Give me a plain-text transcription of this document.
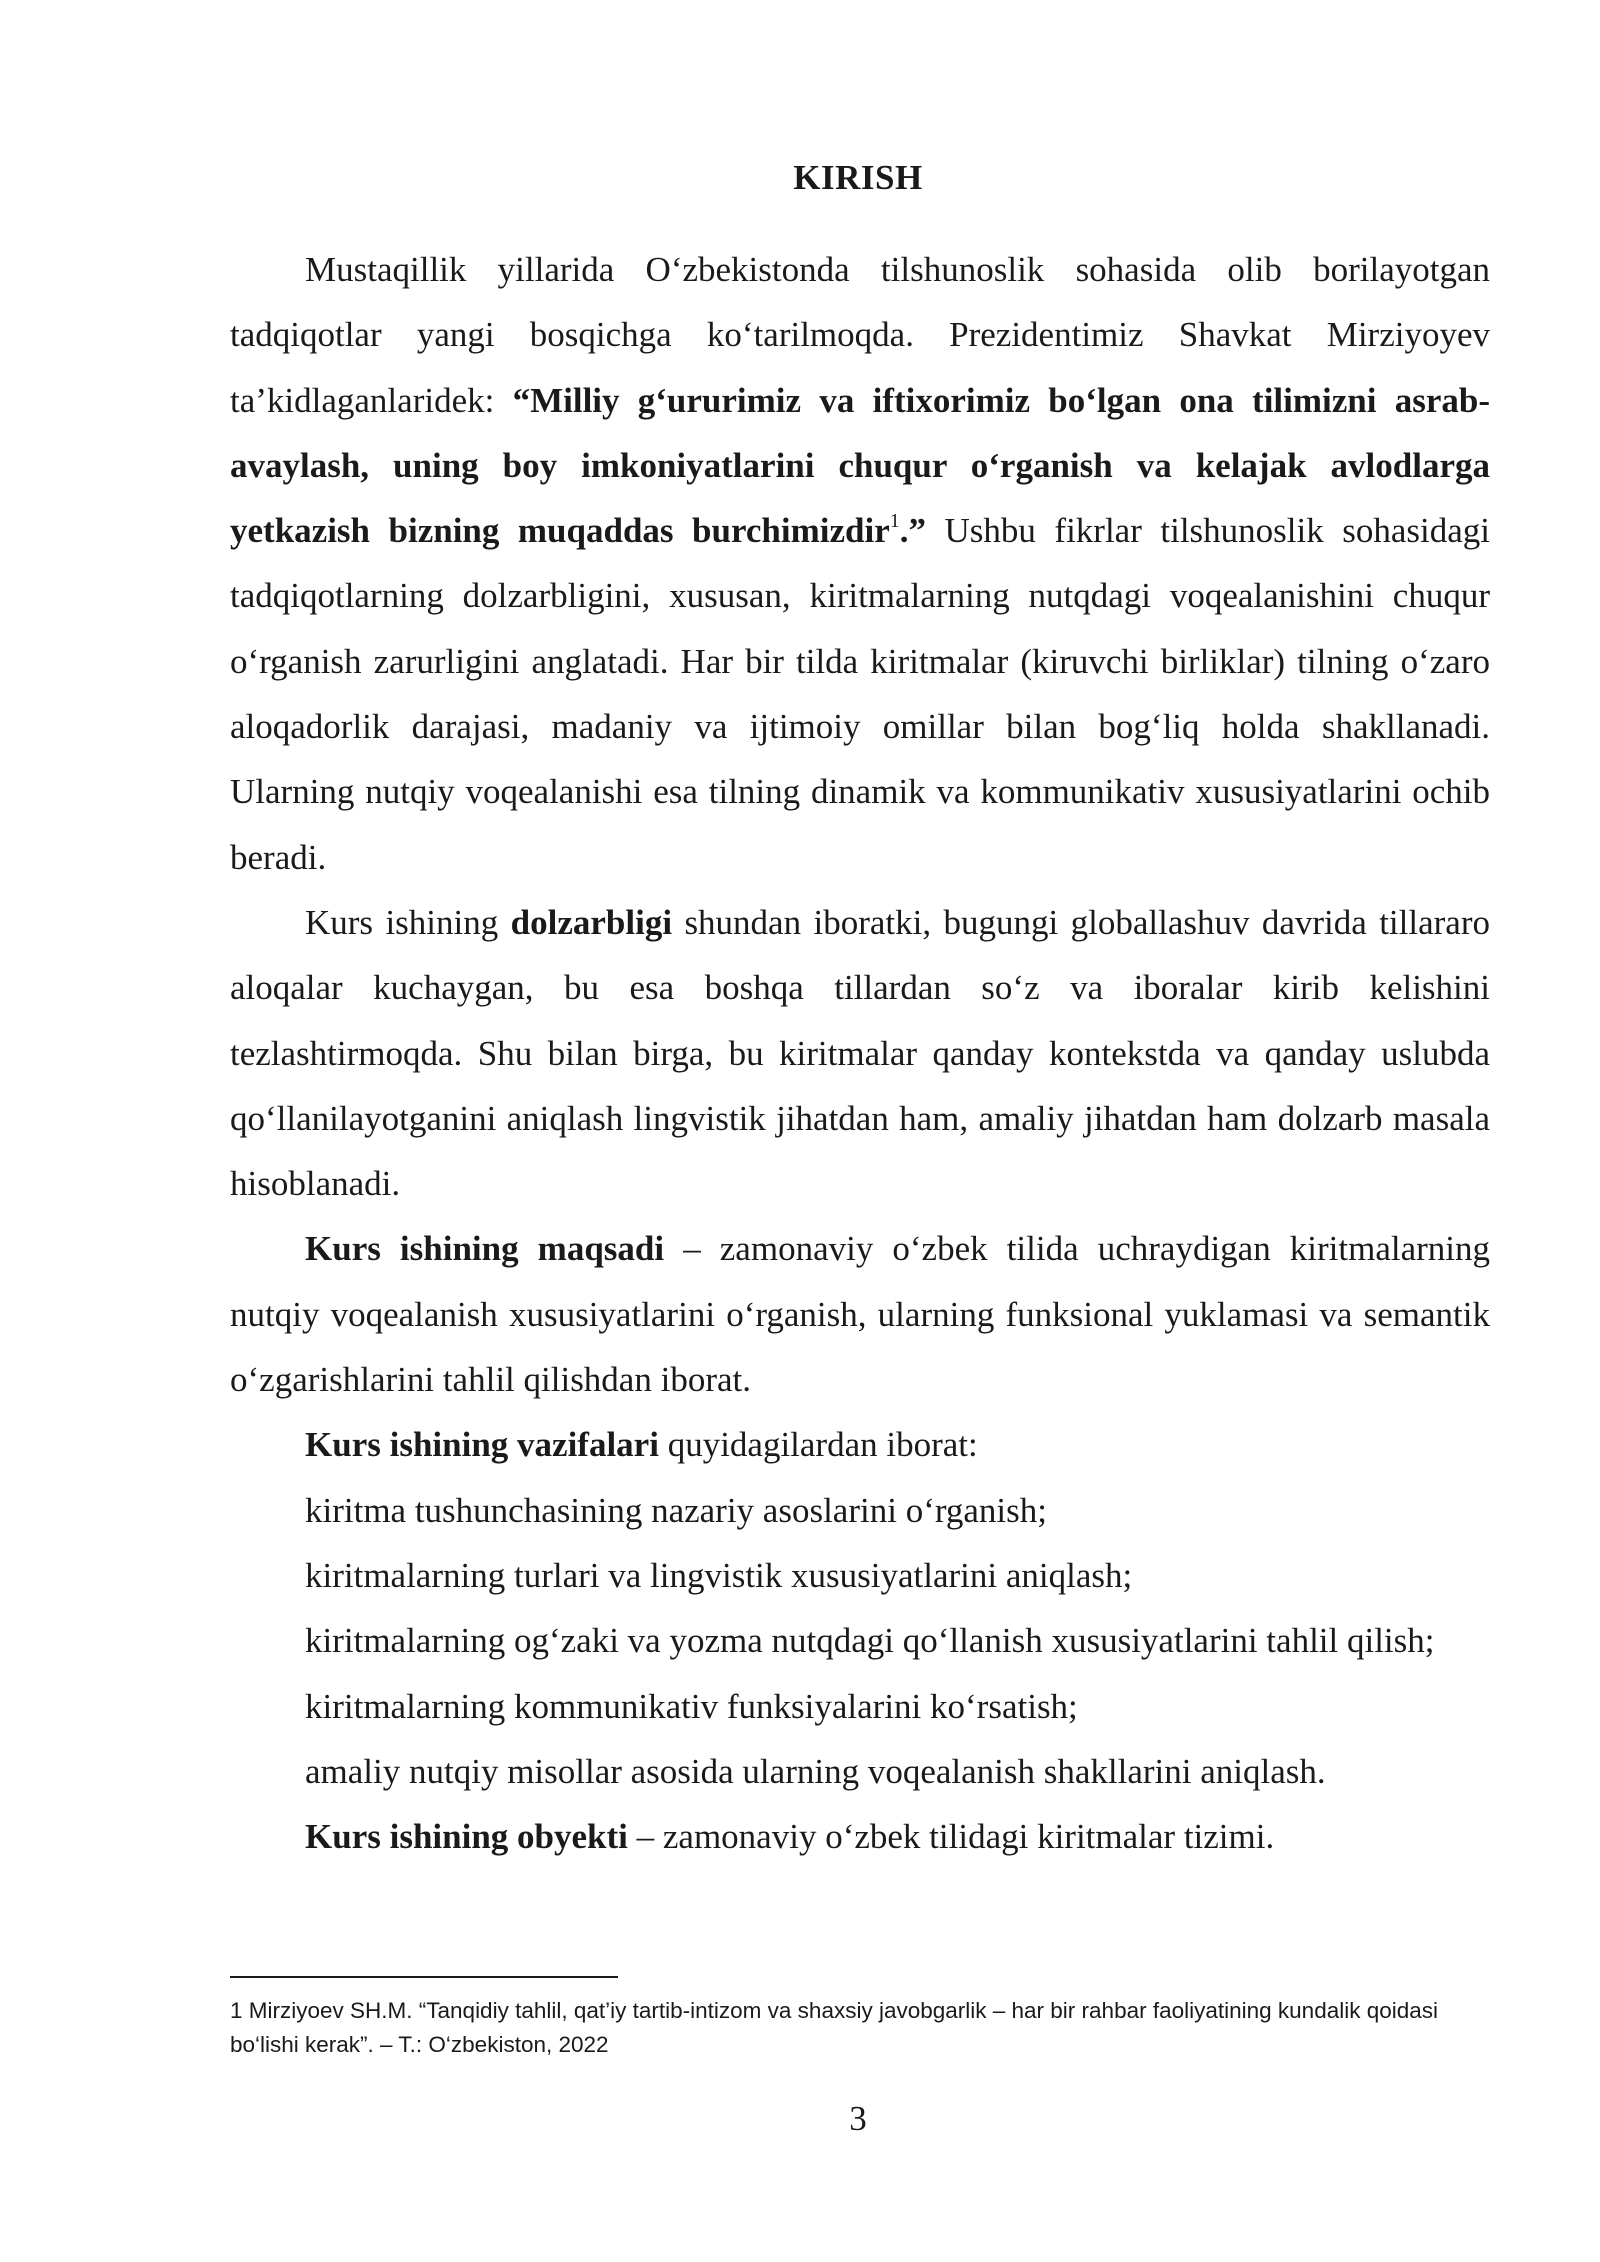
KIRISH

Mustaqillik yillarida O‘zbekistonda tilshunoslik sohasida olib borilayotgan tadqiqotlar yangi bosqichga ko‘tarilmoqda. Prezidentimiz Shavkat Mirziyoyev ta’kidlaganlaridek: “Milliy g‘ururimiz va iftixorimiz bo‘lgan ona tilimizni asrab-avaylash, uning boy imkoniyatlarini chuqur o‘rganish va kelajak avlodlarga yetkazish bizning muqaddas burchimizdir$^1$.” Ushbu fikrlar tilshunoslik sohasidagi tadqiqotlarning dolzarbligini, xususan, kiritmalarning nutqdagi voqealanishini chuqur o‘rganish zarurligini anglatadi. Har bir tilda kiritmalar (kiruvchi birliklar) tilning o‘zaro aloqadorlik darajasi, madaniy va ijtimoiy omillar bilan bog‘liq holda shakllanadi. Ularning nutqiy voqealanishi esa tilning dinamik va kommunikativ xususiyatlarini ochib beradi.

Kurs ishining dolzarbligi shundan iboratki, bugungi globallashuv davrida tillararo aloqalar kuchaygan, bu esa boshqa tillardan so‘z va iboralar kirib kelishini tezlashtirmoqda. Shu bilan birga, bu kiritmalar qanday kontekstda va qanday uslubda qo‘llanilayotganini aniqlash lingvistik jihatdan ham, amaliy jihatdan ham dolzarb masala hisoblanadi.

Kurs ishining maqsadi – zamonaviy o‘zbek tilida uchraydigan kiritmalarning nutqiy voqealanish xususiyatlarini o‘rganish, ularning funksional yuklamasi va semantik o‘zgarishlarini tahlil qilishdan iborat.

Kurs ishining vazifalari quyidagilardan iborat:

kiritma tushunchasining nazariy asoslarini o‘rganish;

kiritmalarning turlari va lingvistik xususiyatlarini aniqlash;

kiritmalarning og‘zaki va yozma nutqdagi qo‘llanish xususiyatlarini tahlil qilish;

kiritmalarning kommunikativ funksiyalarini ko‘rsatish;

amaliy nutqiy misollar asosida ularning voqealanish shakllarini aniqlash.

Kurs ishining obyekti – zamonaviy o‘zbek tilidagi kiritmalar tizimi.

1 Mirziyoev SH.M. “Tanqidiy tahlil, qat’iy tartib-intizom va shaxsiy javobgarlik – har bir rahbar faoliyatining kundalik qoidasi bo‘lishi kerak”. – T.: O‘zbekiston, 2022
3
